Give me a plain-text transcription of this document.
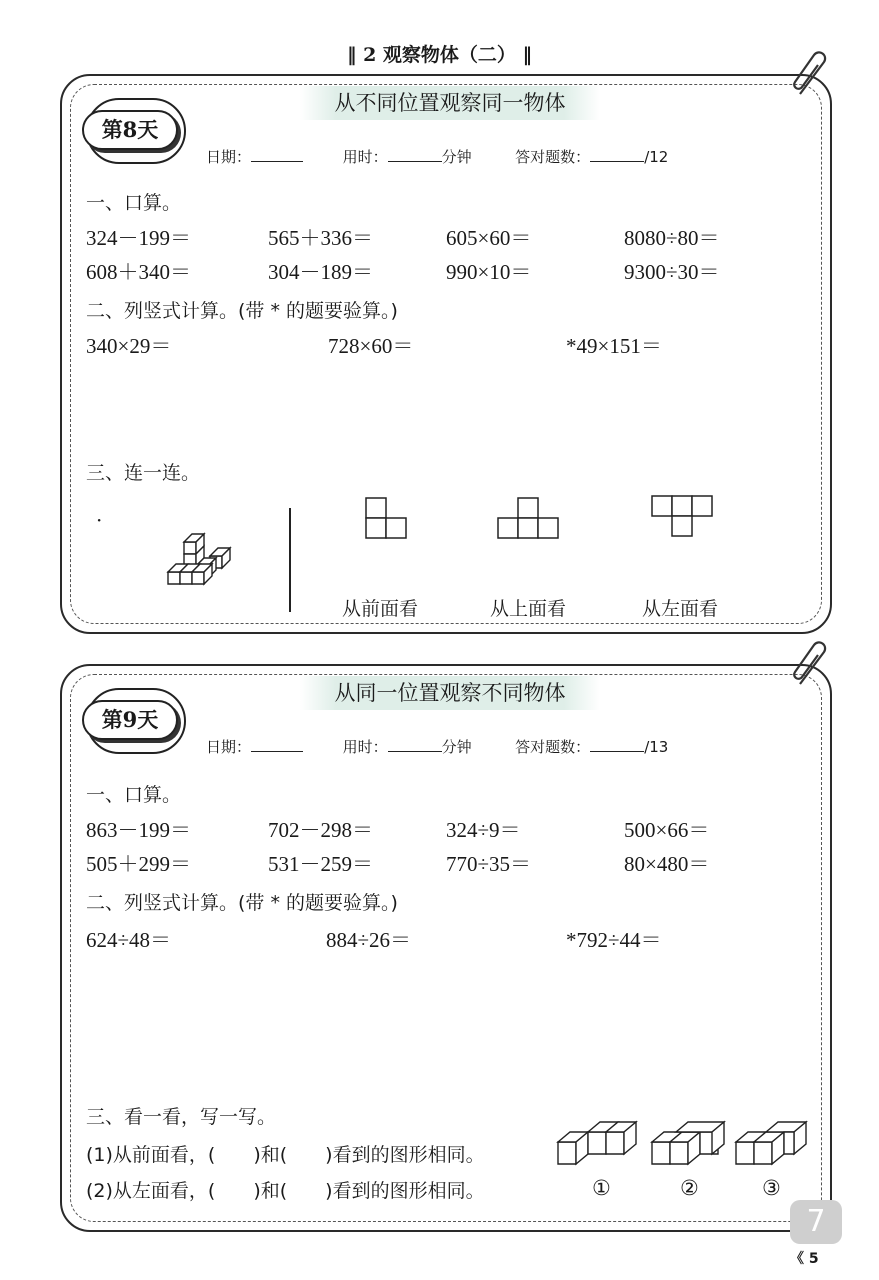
‖ 2 观察物体（二） ‖
第8天
从不同位置观察同一物体
日期：	用时：	分钟	答对题数：	/12
一、口算。
324－199＝	565＋336＝	605×60＝	8080÷80＝
608＋340＝	304－189＝	990×10＝	9300÷30＝
二、列竖式计算。(带 * 的题要验算。)
340×29＝	728×60＝	*49×151＝
三、连一连。
·
从前面看	从上面看	从左面看
第9天
从同一位置观察不同物体
日期：	用时：	分钟	答对题数：	/13
一、口算。
863－199＝	702－298＝	324÷9＝	500×66＝
505＋299＝	531－259＝	770÷35＝	80×480＝
二、列竖式计算。(带 * 的题要验算。)
624÷48＝	884÷26＝	*792÷44＝
三、看一看，写一写。
(1)从前面看，(　　)和(　　)看到的图形相同。
(2)从左面看，(　　)和(　　)看到的图形相同。	①	②	③
7
《 5
